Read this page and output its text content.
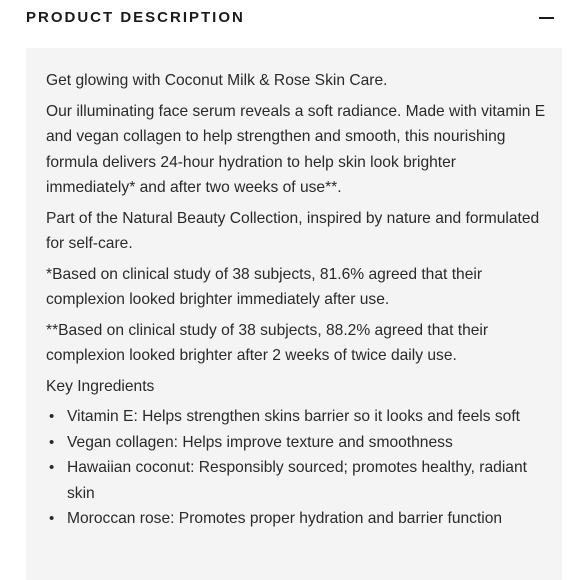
PRODUCT DESCRIPTION

Get glowing with Coconut Milk & Rose Skin Care.

Our illuminating face serum reveals a soft radiance. Made with vitamin E and vegan collagen to help strengthen and smooth, this nourishing formula delivers 24-hour hydration to help skin look brighter immediately* and after two weeks of use**.

Part of the Natural Beauty Collection, inspired by nature and formulated for self-care.

*Based on clinical study of 38 subjects, 81.6% agreed that their complexion looked brighter immediately after use.

**Based on clinical study of 38 subjects, 88.2% agreed that their complexion looked brighter after 2 weeks of twice daily use.

Key Ingredients

• Vitamin E: Helps strengthen skins barrier so it looks and feels soft
• Vegan collagen: Helps improve texture and smoothness
• Hawaiian coconut: Responsibly sourced; promotes healthy, radiant skin
• Moroccan rose: Promotes proper hydration and barrier function
